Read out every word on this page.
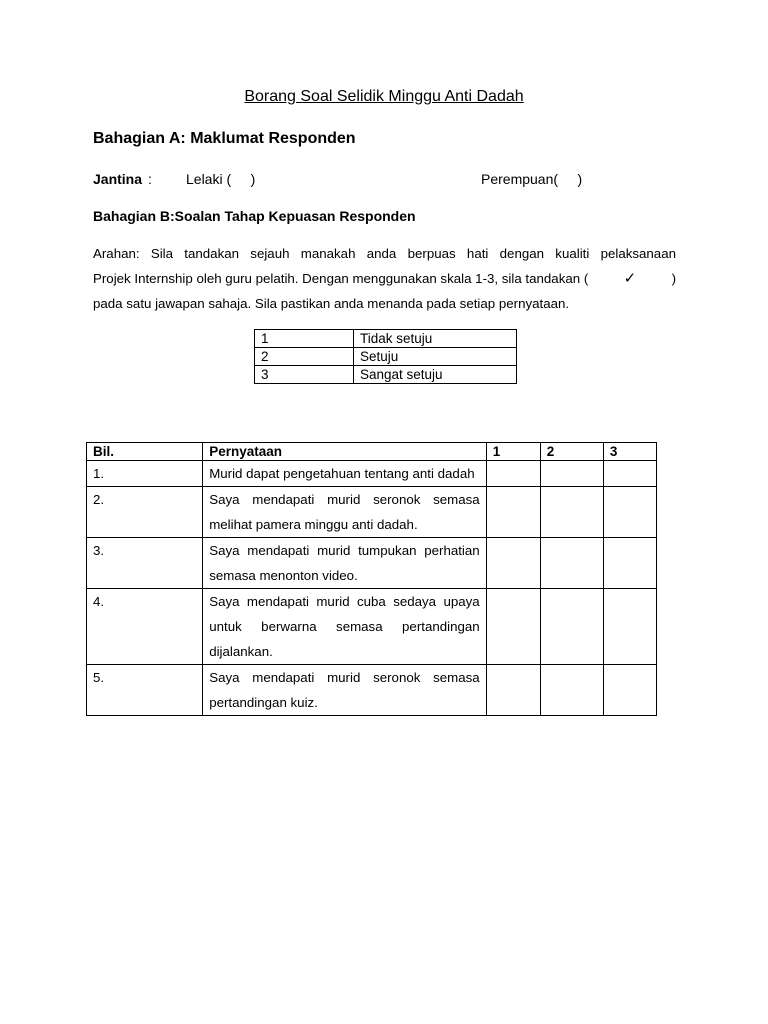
Borang Soal Selidik Minggu Anti Dadah
Bahagian A: Maklumat Responden
Jantina : Lelaki (     )	Perempuan(     )
Bahagian B:Soalan Tahap Kepuasan Responden
Arahan: Sila tandakan sejauh manakah anda berpuas hati dengan kualiti pelaksanaan
Projek Internship oleh guru pelatih. Dengan menggunakan skala 1-3, sila tandakan (	✓	)
pada satu jawapan sahaja. Sila pastikan anda menanda pada setiap pernyataan.
1	Tidak setuju
2	Setuju
3	Sangat setuju
Bil.	Pernyataan	1	2	3
1.	Murid dapat pengetahuan tentang anti dadah			
2.	Saya mendapati murid seronok semasa melihat pamera minggu anti dadah.			
3.	Saya mendapati murid tumpukan perhatian semasa menonton video.			
4.	Saya mendapati murid cuba sedaya upaya untuk berwarna semasa pertandingan dijalankan.			
5.	Saya mendapati murid seronok semasa pertandingan kuiz.			
